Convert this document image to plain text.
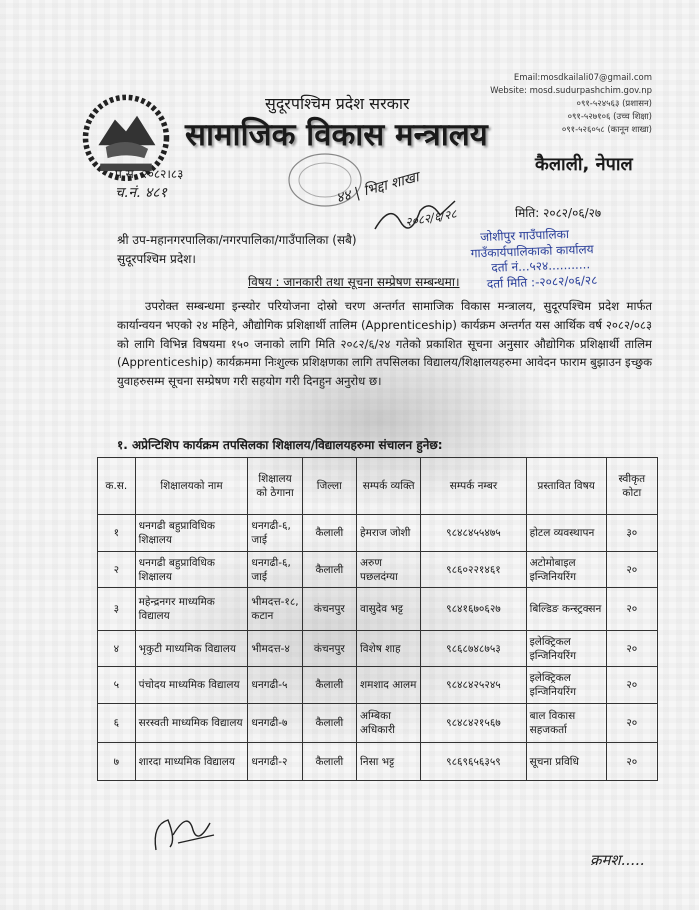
सुदूरपश्चिम प्रदेश सरकार
सामाजिक विकास मन्त्रालय
Email:mosdkailali07@gmail.com
Website: mosd.sudurpashchim.gov.np
०९१-५२४५६३ (प्रशासन)
०९१-५२७१०६ (उच्च शिक्षा)
०९१-५२६०५८ (कानून शाखा)
कैलाली, नेपाल
प.स. २०८२।८३
च.नं. ४८१	४४ | भिद्दा शाखा
२०८२/६/२८	मिति: २०८२/०६/२७
जोशीपुर गाउँपालिका
गाउँकार्यपालिकाको कार्यालय
दर्ता नं...५२४...........
दर्ता मिति :-२०८२/०६/२८
श्री उप-महानगरपालिका/नगरपालिका/गाउँपालिका (सबै)
सुदूरपश्चिम प्रदेश।
विषय : जानकारी तथा सूचना सम्प्रेषण सम्बन्धमा।
उपरोक्त सम्बन्धमा इन्स्योर परियोजना दोस्रो चरण अन्तर्गत सामाजिक विकास मन्त्रालय, सुदूरपश्चिम प्रदेश मार्फत कार्यान्वयन भएको २४ महिने, औद्योगिक प्रशिक्षार्थी तालिम (Apprenticeship) कार्यक्रम अन्तर्गत यस आर्थिक वर्ष २०८२/०८३ को लागि विभिन्न विषयमा १५० जनाको लागि मिति २०८२/६/२४ गतेको प्रकाशित सूचना अनुसार औद्योगिक प्रशिक्षार्थी तालिम (Apprenticeship) कार्यक्रममा निःशुल्क प्रशिक्षणका लागि तपसिलका विद्यालय/शिक्षालयहरुमा आवेदन फाराम बुझाउन इच्छुक युवाहरुसम्म सूचना सम्प्रेषण गरी सहयोग गरी दिनहुन अनुरोध छ।
१. अप्रेन्टिशिप कार्यक्रम तपसिलका शिक्षालय/विद्यालयहरुमा संचालन हुनेछ:
क.स.	शिक्षालयको नाम	शिक्षालय को ठेगाना	जिल्ला	सम्पर्क व्यक्ति	सम्पर्क नम्बर	प्रस्तावित विषय	स्वीकृत कोटा
१	धनगढी बहुप्राविधिक शिक्षालय	धनगढी-६, जाई	कैलाली	हेमराज जोशी	९८४८४५५४७५	होटल व्यवस्थापन	३०
२	धनगढी बहुप्राविधिक शिक्षालय	धनगढी-६, जाई	कैलाली	अरुण पछलदंग्या	९८६०२२१४६१	अटोमोबाइल इन्जिनियरिंग	२०
३	महेन्द्रनगर माध्यमिक विद्यालय	भीमदत्त-१८, कटान	कंचनपुर	वासुदेव भट्ट	९८४१६७०६२७	बिल्डिङ कन्स्ट्रक्सन	२०
४	भृकुटी माध्यमिक विद्यालय	भीमदत्त-४	कंचनपुर	विशेष शाह	९८६८७४८७५३	इलेक्ट्रिकल इन्जिनियरिंग	२०
५	पंचोदय माध्यमिक विद्यालय	धनगढी-५	कैलाली	शमशाद आलम	९८४८४२५२४५	इलेक्ट्रिकल इन्जिनियरिंग	२०
६	सरस्वती माध्यमिक विद्यालय	धनगढी-७	कैलाली	अम्बिका अधिकारी	९८४८४२१५६७	बाल विकास सहजकर्ता	२०
७	शारदा माध्यमिक विद्यालय	धनगढी-२	कैलाली	निसा भट्ट	९८६९६५६३५९	सूचना प्रविधि	२०
क्रमश.....
